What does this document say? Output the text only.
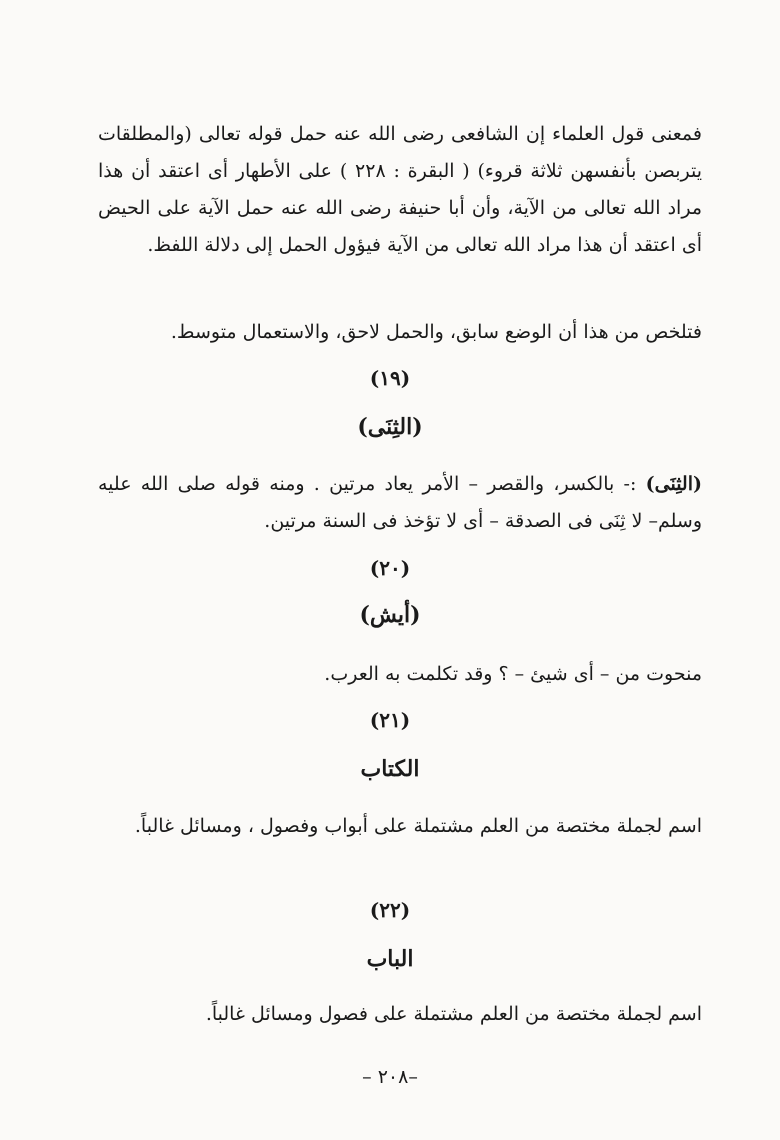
فمعنى قول العلماء إن الشافعى رضى الله عنه حمل قوله تعالى (والمطلقات يتربصن بأنفسهن ثلاثة قروء) ( البقرة : ٢٢٨ ) على الأطهار أى اعتقد أن هذا مراد الله تعالى من الآية، وأن أبا حنيفة رضى الله عنه حمل الآية على الحيض أى اعتقد أن هذا مراد الله تعالى من الآية فيؤول الحمل إلى دلالة اللفظ.

فتلخص من هذا أن الوضع سابق، والحمل لاحق، والاستعمال متوسط.

(١٩)
(الثِنَى)

(الثِنَى) :- بالكسر، والقصر – الأمر يعاد مرتين . ومنه قوله صلى الله عليه وسلم– لا ثِنَى فى الصدقة – أى لا تؤخذ فى السنة مرتين.

(٢٠)
(أيش)

منحوت من – أى شيئ – ؟ وقد تكلمت به العرب.

(٢١)
الكتاب

اسم لجملة مختصة من العلم مشتملة على أبواب وفصول ، ومسائل غالباً.

(٢٢)
الباب

اسم لجملة مختصة من العلم مشتملة على فصول ومسائل غالباً.

–٢٠٨ –
